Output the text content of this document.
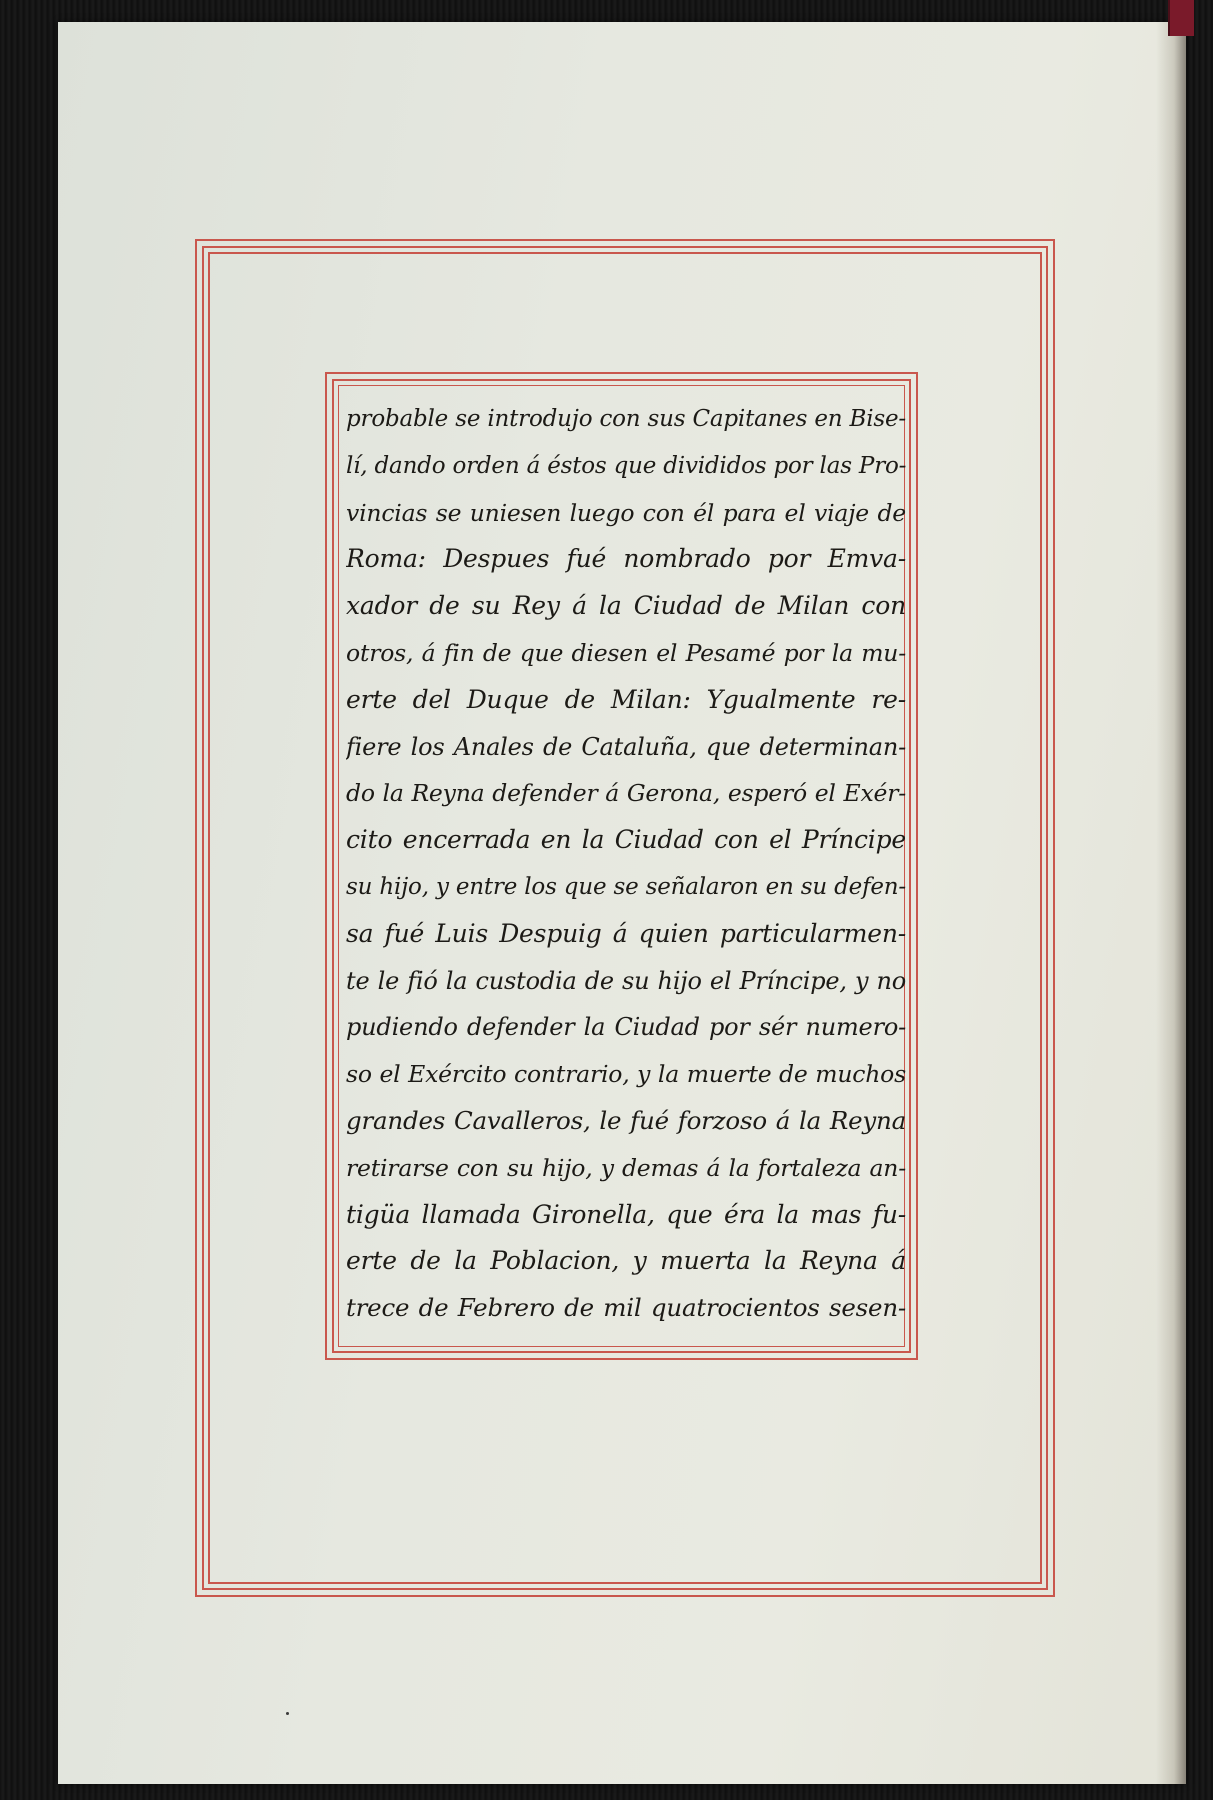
probable se introdujo con sus Capitanes en Bise-
lí, dando orden á éstos que divididos por las Pro-
vincias se uniesen luego con él para el viaje de
Roma: Despues fué nombrado por Emva-
xador de su Rey á la Ciudad de Milan con
otros, á fin de que diesen el Pesamé por la mu-
erte del Duque de Milan: Ygualmente re-
fiere los Anales de Cataluña, que determinan-
do la Reyna defender á Gerona, esperó el Exér-
cito encerrada en la Ciudad con el Príncipe
su hijo, y entre los que se señalaron en su defen-
sa fué Luis Despuig á quien particularmen-
te le fió la custodia de su hijo el Príncipe, y no
pudiendo defender la Ciudad por sér numero-
so el Exército contrario, y la muerte de muchos
grandes Cavalleros, le fué forzoso á la Reyna
retirarse con su hijo, y demas á la fortaleza an-
tigüa llamada Gironella, que éra la mas fu-
erte de la Poblacion, y muerta la Reyna á
trece de Febrero de mil quatrocientos sesen-
